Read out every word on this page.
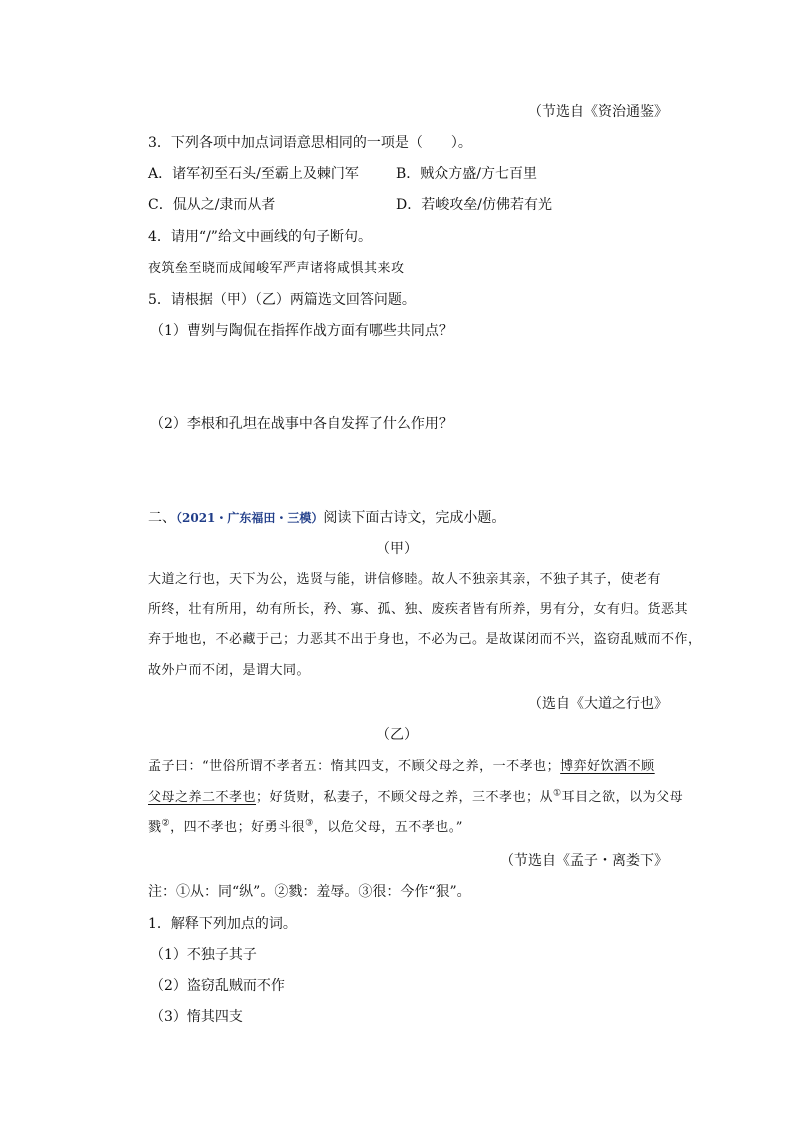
（节选自《资治通鉴》
3．下列各项中加点词语意思相同的一项是（　　）。
A．诸军初至石头/至霸上及棘门军	B．贼众方盛/方七百里
C．侃从之/隶而从者	D．若峻攻垒/仿佛若有光
4．请用“/”给文中画线的句子断句。
夜筑垒至晓而成闻峻军严声诸将咸惧其来攻
5．请根据（甲）（乙）两篇选文回答问题。
（1）曹刿与陶侃在指挥作战方面有哪些共同点？
（2）李根和孔坦在战事中各自发挥了什么作用？
二、（2021・广东福田・三模）阅读下面古诗文，完成小题。
（甲）
大道之行也，天下为公，选贤与能，讲信修睦。故人不独亲其亲，不独子其子，使老有
所终，壮有所用，幼有所长，矜、寡、孤、独、废疾者皆有所养，男有分，女有归。货恶其
弃于地也，不必藏于己；力恶其不出于身也，不必为己。是故谋闭而不兴，盗窃乱贼而不作，
故外户而不闭，是谓大同。
（选自《大道之行也》
（乙）
孟子曰：“世俗所谓不孝者五：惰其四支，不顾父母之养，一不孝也；博弈好饮酒不顾
父母之养二不孝也；好货财，私妻子，不顾父母之养，三不孝也；从①耳目之欲，以为父母
戮②，四不孝也；好勇斗很③，以危父母，五不孝也。”
（节选自《孟子・离娄下》
注：①从：同“纵”。②戮：羞辱。③很：今作“狠”。
1．解释下列加点的词。
（1）不独子其子
（2）盗窃乱贼而不作
（3）惰其四支
